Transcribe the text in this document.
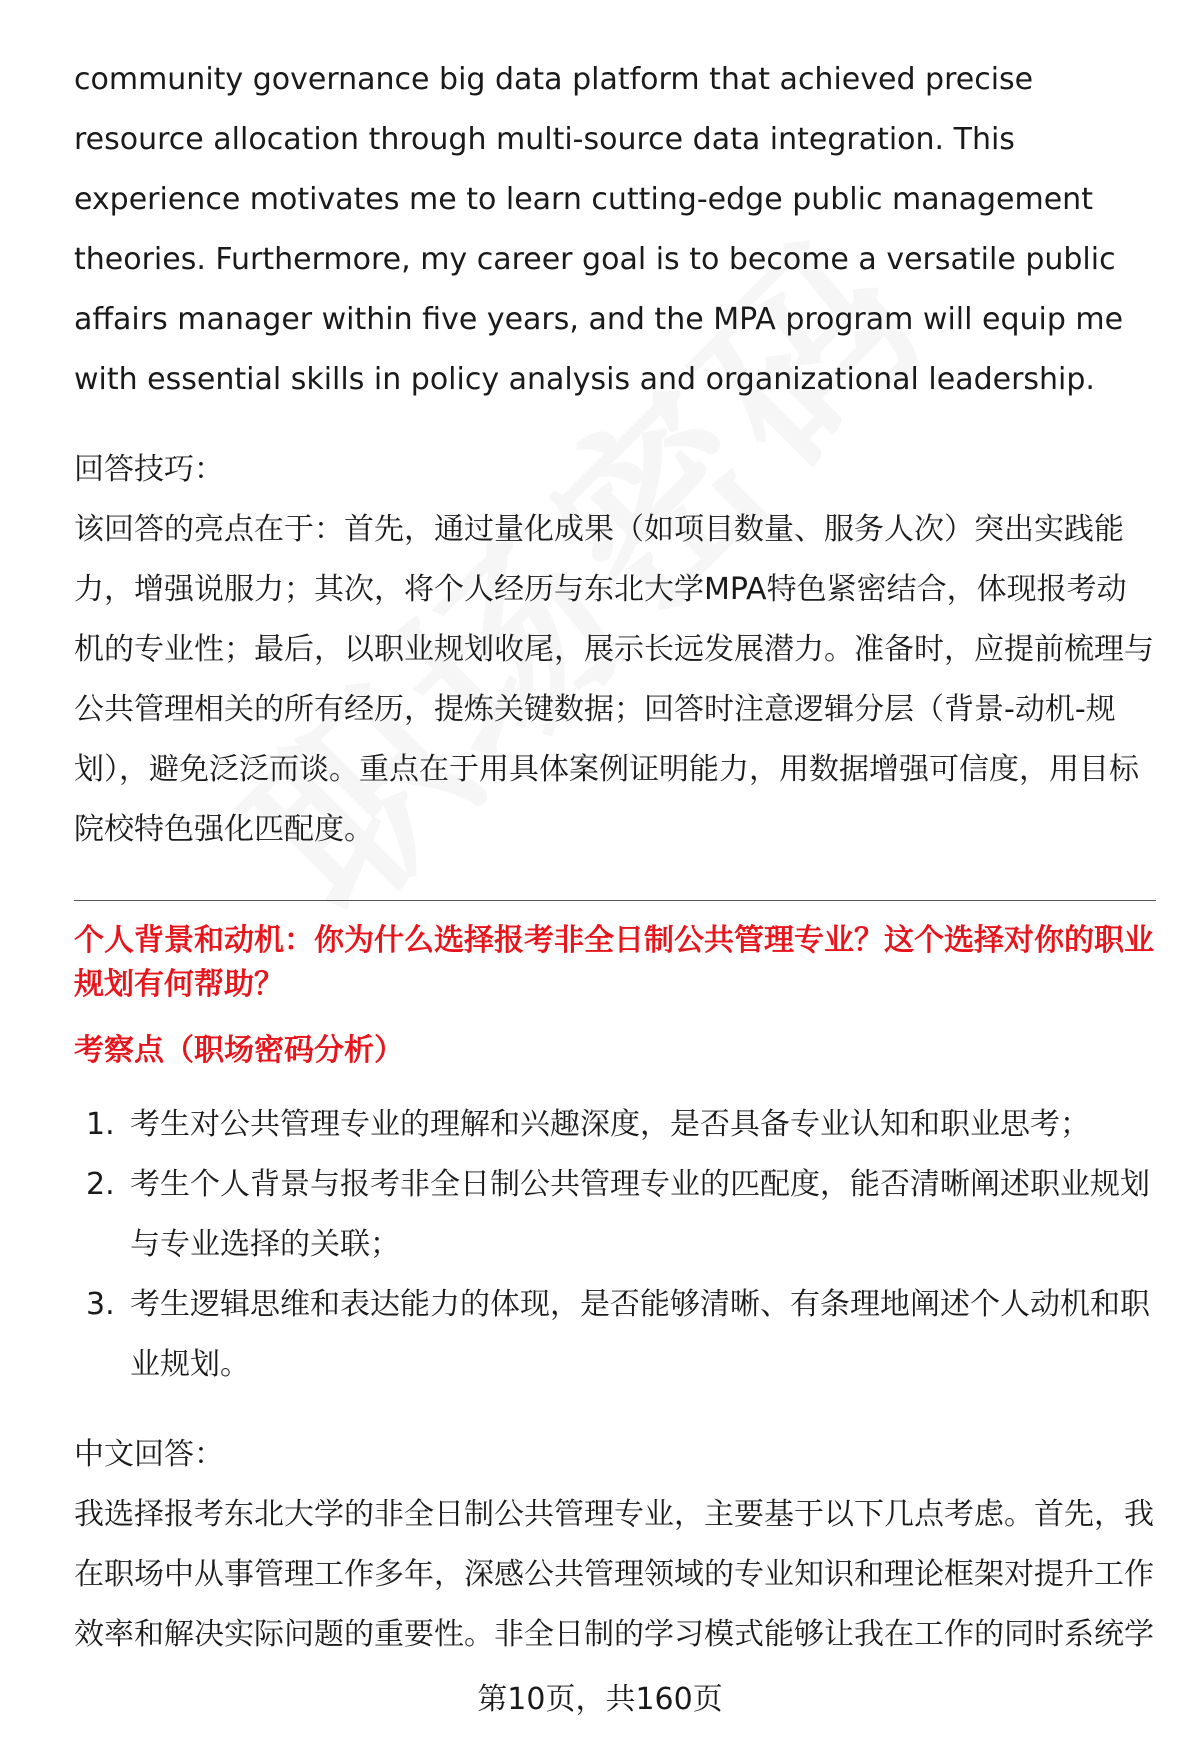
community governance big data platform that achieved precise resource allocation through multi-source data integration. This experience motivates me to learn cutting-edge public management theories. Furthermore, my career goal is to become a versatile public affairs manager within five years, and the MPA program will equip me with essential skills in policy analysis and organizational leadership.

回答技巧：

该回答的亮点在于：首先，通过量化成果（如项目数量、服务人次）突出实践能力，增强说服力；其次，将个人经历与东北大学MPA特色紧密结合，体现报考动机的专业性；最后，以职业规划收尾，展示长远发展潜力。准备时，应提前梳理与公共管理相关的所有经历，提炼关键数据；回答时注意逻辑分层（背景-动机-规划），避免泛泛而谈。重点在于用具体案例证明能力，用数据增强可信度，用目标院校特色强化匹配度。

个人背景和动机：你为什么选择报考非全日制公共管理专业？这个选择对你的职业规划有何帮助？

考察点（职场密码分析）

1. 考生对公共管理专业的理解和兴趣深度，是否具备专业认知和职业思考；
2. 考生个人背景与报考非全日制公共管理专业的匹配度，能否清晰阐述职业规划与专业选择的关联；
3. 考生逻辑思维和表达能力的体现，是否能够清晰、有条理地阐述个人动机和职业规划。

中文回答：

我选择报考东北大学的非全日制公共管理专业，主要基于以下几点考虑。首先，我在职场中从事管理工作多年，深感公共管理领域的专业知识和理论框架对提升工作效率和解决实际问题的重要性。非全日制的学习模式能够让我在工作的同时系统学

第10页，共160页
